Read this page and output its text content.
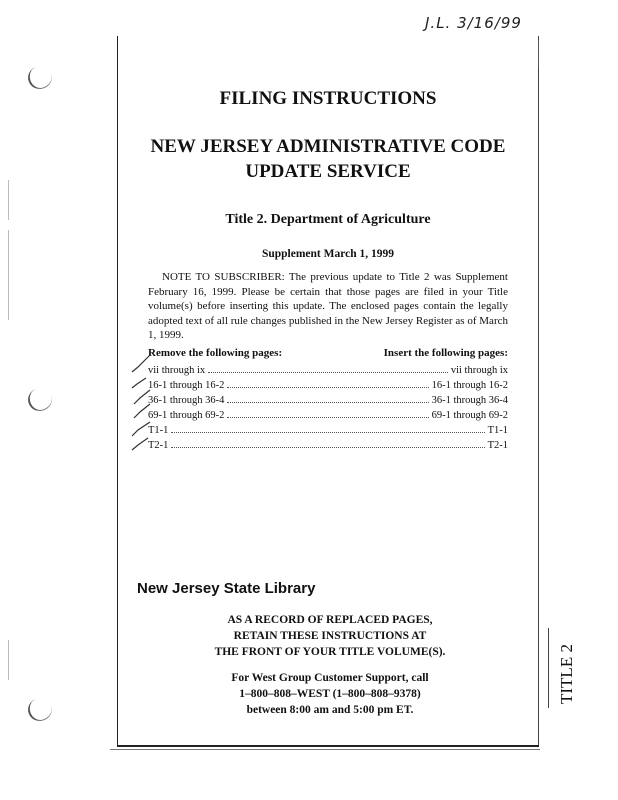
J.L. 3/16/99
FILING INSTRUCTIONS
NEW JERSEY ADMINISTRATIVE CODE
UPDATE SERVICE
Title 2. Department of Agriculture
Supplement March 1, 1999
NOTE TO SUBSCRIBER: The previous update to Title 2 was Supplement February 16, 1999. Please be certain that those pages are filed in your Title volume(s) before inserting this update. The enclosed pages contain the legally adopted text of all rule changes published in the New Jersey Register as of March 1, 1999.
Remove the following pages:	Insert the following pages:
vii through ix	vii through ix
16-1 through 16-2	16-1 through 16-2
36-1 through 36-4	36-1 through 36-4
69-1 through 69-2	69-1 through 69-2
T1-1	T1-1
T2-1	T2-1
New Jersey State Library
AS A RECORD OF REPLACED PAGES,
RETAIN THESE INSTRUCTIONS AT
THE FRONT OF YOUR TITLE VOLUME(S).
For West Group Customer Support, call
1–800–808–WEST (1–800–808–9378)
between 8:00 am and 5:00 pm ET.
TITLE 2
